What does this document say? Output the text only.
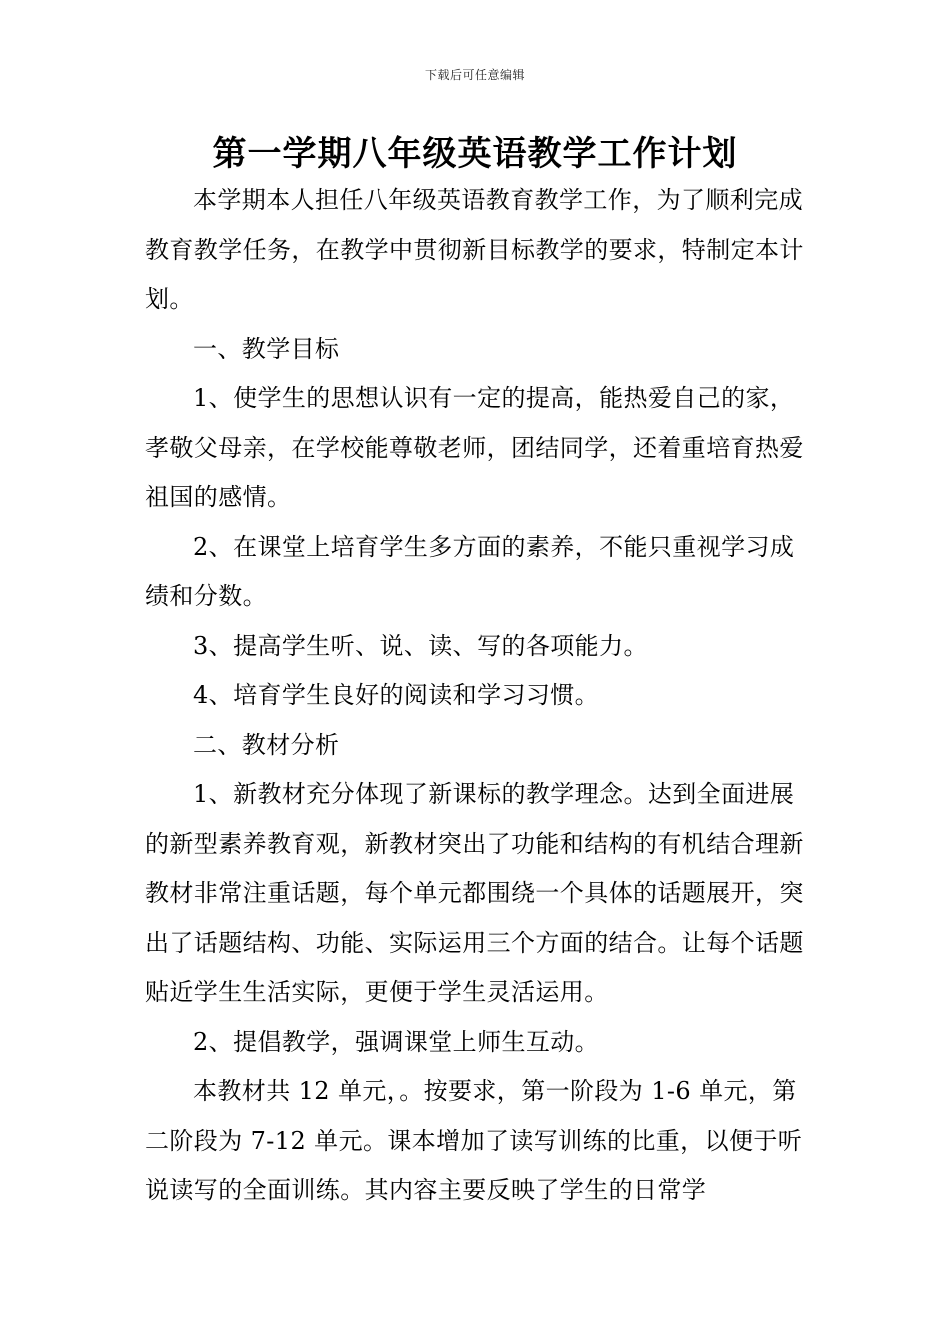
下载后可任意编辑
第一学期八年级英语教学工作计划

本学期本人担任八年级英语教育教学工作，为了顺利完成教育教学任务，在教学中贯彻新目标教学的要求，特制定本计划。

一、教学目标

1、使学生的思想认识有一定的提高，能热爱自己的家，孝敬父母亲，在学校能尊敬老师，团结同学，还着重培育热爱祖国的感情。

2、在课堂上培育学生多方面的素养，不能只重视学习成绩和分数。

3、提高学生听、说、读、写的各项能力。

4、培育学生良好的阅读和学习习惯。

二、教材分析

1、新教材充分体现了新课标的教学理念。达到全面进展的新型素养教育观，新教材突出了功能和结构的有机结合理新教材非常注重话题，每个单元都围绕一个具体的话题展开，突出了话题结构、功能、实际运用三个方面的结合。让每个话题贴近学生生活实际，更便于学生灵活运用。

2、提倡教学，强调课堂上师生互动。

本教材共 12 单元，。按要求，第一阶段为 1-6 单元，第二阶段为 7-12 单元。课本增加了读写训练的比重，以便于听说读写的全面训练。其内容主要反映了学生的日常学
